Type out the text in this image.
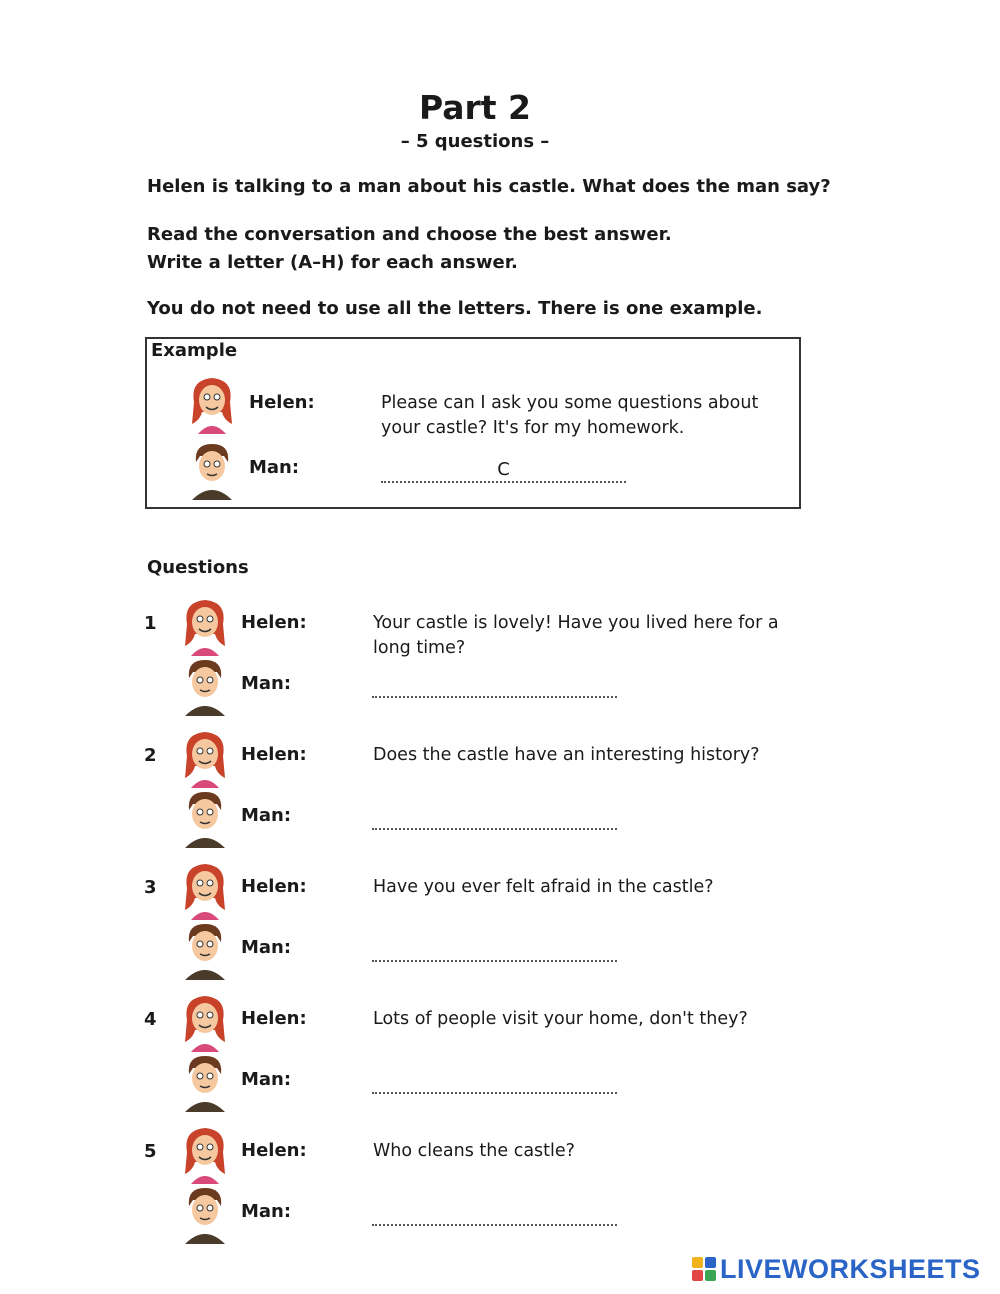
Part 2
– 5 questions –
Helen is talking to a man about his castle. What does the man say?
Read the conversation and choose the best answer.
Write a letter (A–H) for each answer.
You do not need to use all the letters. There is one example.
Example
Helen:	Please can I ask you some questions about your castle? It's for my homework.
Man:	C
Questions
1	Helen:	Your castle is lovely! Have you lived here for a long time?
Man:
2	Helen:	Does the castle have an interesting history?
Man:
3	Helen:	Have you ever felt afraid in the castle?
Man:
4	Helen:	Lots of people visit your home, don't they?
Man:
5	Helen:	Who cleans the castle?
Man:
LIVEWORKSHEETS
